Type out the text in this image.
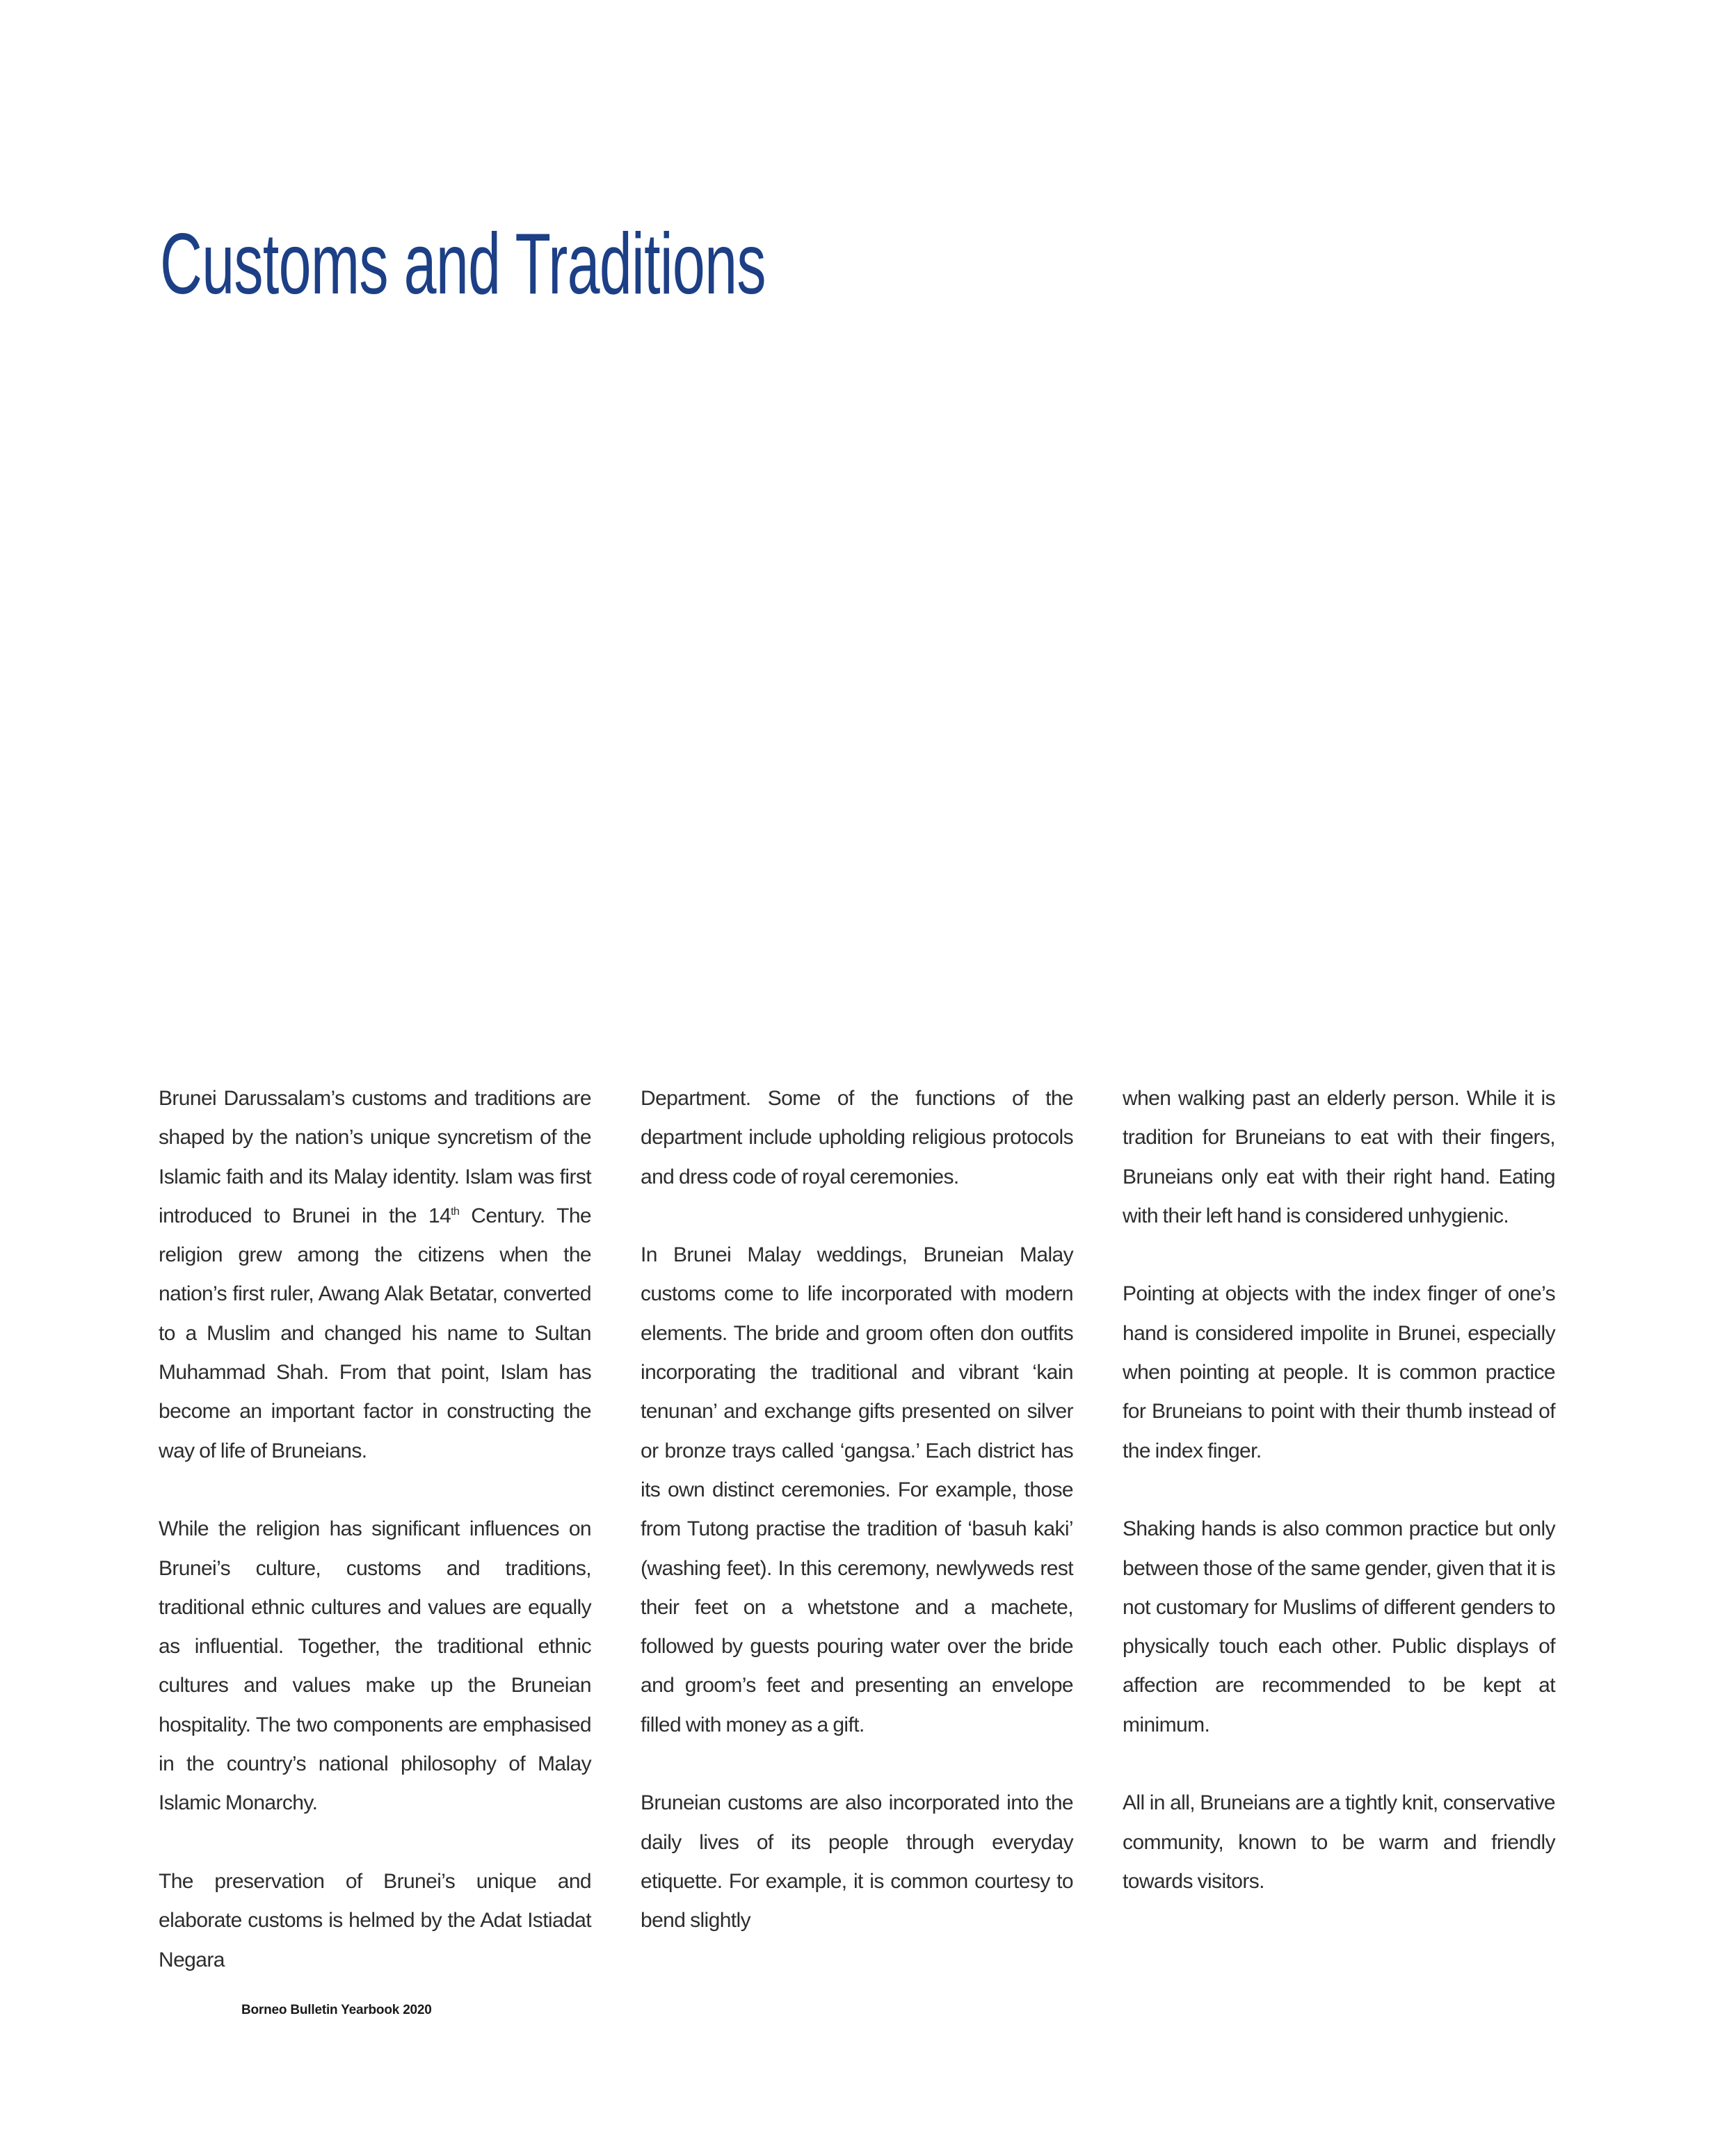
Customs and Traditions

Brunei Darussalam’s customs and traditions are shaped by the nation’s unique syncretism of the Islamic faith and its Malay identity. Islam was first introduced to Brunei in the 14th Century. The religion grew among the citizens when the nation’s first ruler, Awang Alak Betatar, converted to a Muslim and changed his name to Sultan Muhammad Shah. From that point, Islam has become an important factor in constructing the way of life of Bruneians.

While the religion has significant influences on Brunei’s culture, customs and traditions, traditional ethnic cultures and values are equally as influential. Together, the traditional ethnic cultures and values make up the Bruneian hospitality. The two components are emphasised in the country’s national philosophy of Malay Islamic Monarchy.

The preservation of Brunei’s unique and elaborate customs is helmed by the Adat Istiadat Negara

Department. Some of the functions of the department include upholding religious protocols and dress code of royal ceremonies.

In Brunei Malay weddings, Bruneian Malay customs come to life incorporated with modern elements. The bride and groom often don outfits incorporating the traditional and vibrant ‘kain tenunan’ and exchange gifts presented on silver or bronze trays called ‘gangsa.’ Each district has its own distinct ceremonies. For example, those from Tutong practise the tradition of ‘basuh kaki’ (washing feet). In this ceremony, newlyweds rest their feet on a whetstone and a machete, followed by guests pouring water over the bride and groom’s feet and presenting an envelope filled with money as a gift.

Bruneian customs are also incorporated into the daily lives of its people through everyday etiquette. For example, it is common courtesy to bend slightly

when walking past an elderly person. While it is tradition for Bruneians to eat with their fingers, Bruneians only eat with their right hand. Eating with their left hand is considered unhygienic.

Pointing at objects with the index finger of one’s hand is considered impolite in Brunei, especially when pointing at people. It is common practice for Bruneians to point with their thumb instead of the index finger.

Shaking hands is also common practice but only between those of the same gender, given that it is not customary for Muslims of different genders to physically touch each other. Public displays of affection are recommended to be kept at minimum.

All in all, Bruneians are a tightly knit, conservative community, known to be warm and friendly towards visitors.

Borneo Bulletin Yearbook 2020
